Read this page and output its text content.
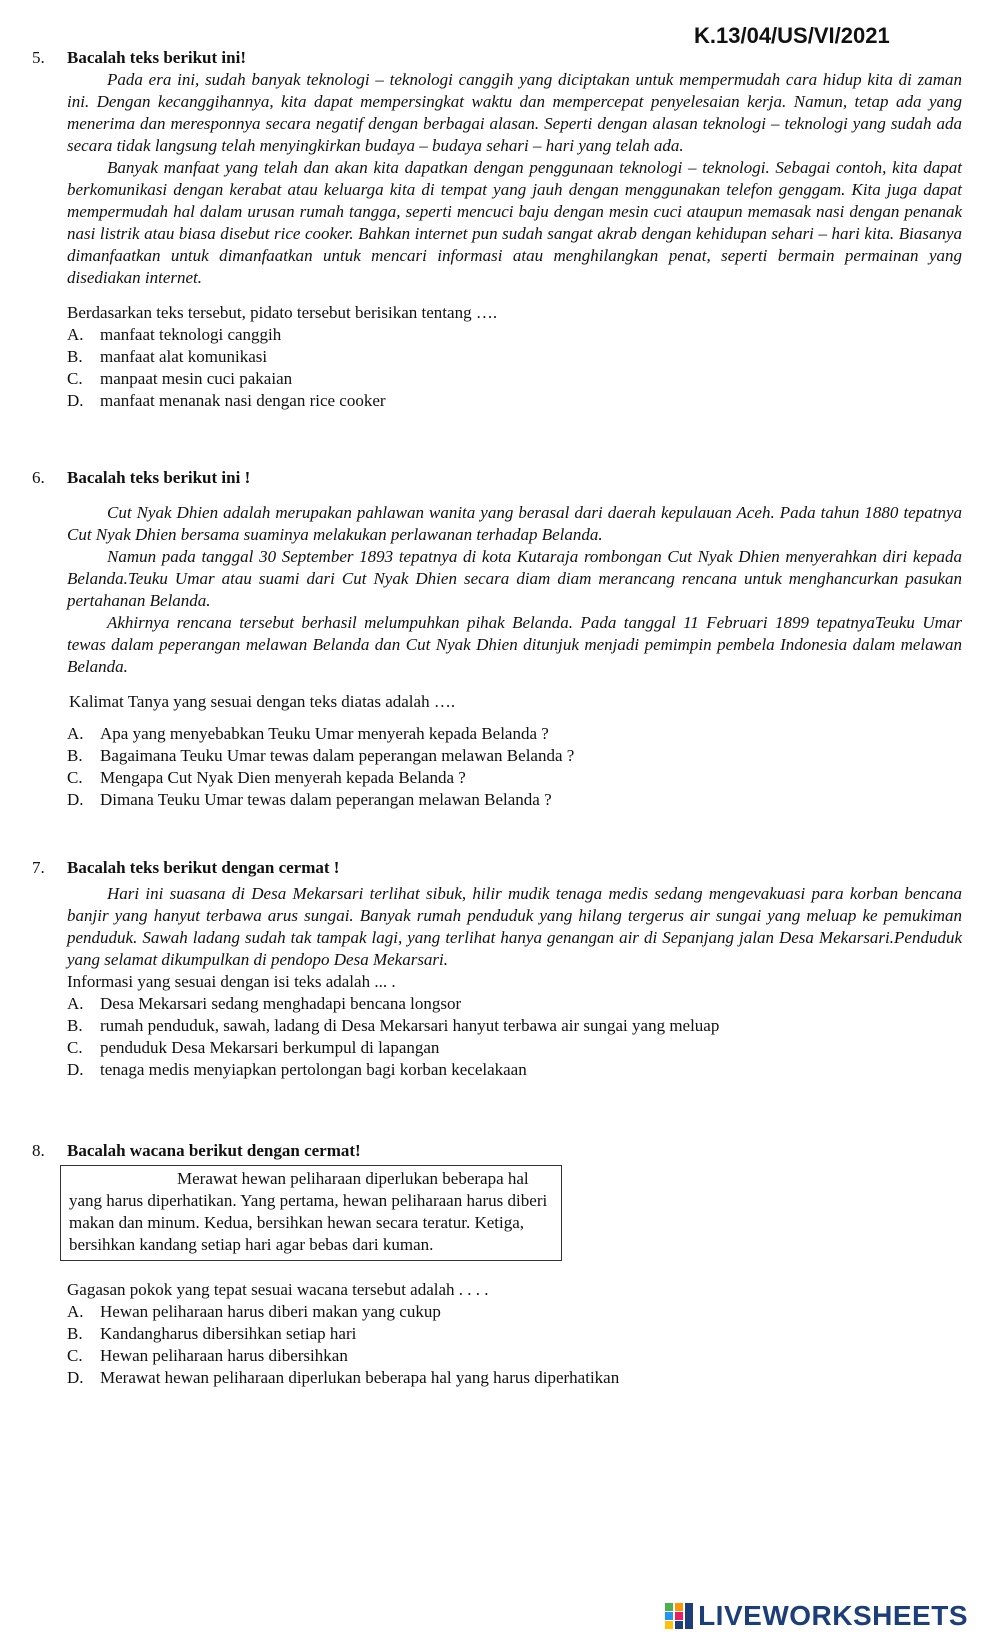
K.13/04/US/VI/2021
5.	Bacalah teks berikut ini!

Pada era ini, sudah banyak teknologi – teknologi canggih yang diciptakan untuk mempermudah cara hidup kita di zaman ini. Dengan kecanggihannya, kita dapat mempersingkat waktu dan mempercepat penyelesaian kerja. Namun, tetap ada yang menerima dan meresponnya secara negatif dengan berbagai alasan. Seperti dengan alasan teknologi – teknologi yang sudah ada secara tidak langsung telah menyingkirkan budaya – budaya sehari – hari yang telah ada.

Banyak manfaat yang telah dan akan kita dapatkan dengan penggunaan teknologi – teknologi. Sebagai contoh, kita dapat berkomunikasi dengan kerabat atau keluarga kita di tempat yang jauh dengan menggunakan telefon genggam. Kita juga dapat mempermudah hal dalam urusan rumah tangga, seperti mencuci baju dengan mesin cuci ataupun memasak nasi dengan penanak nasi listrik atau biasa disebut rice cooker. Bahkan internet pun sudah sangat akrab dengan kehidupan sehari – hari kita. Biasanya dimanfaatkan untuk dimanfaatkan untuk mencari informasi atau menghilangkan penat, seperti bermain permainan yang disediakan internet.

Berdasarkan teks tersebut, pidato tersebut berisikan tentang ….
A. manfaat teknologi canggih
B.	manfaat alat komunikasi
C.	manpaat mesin cuci pakaian
D. manfaat menanak nasi dengan rice cooker
6.	Bacalah teks berikut ini !

Cut Nyak Dhien adalah merupakan pahlawan wanita yang berasal dari daerah kepulauan Aceh. Pada tahun 1880 tepatnya Cut Nyak Dhien bersama suaminya melakukan perlawanan terhadap Belanda.

Namun pada tanggal 30 September 1893 tepatnya di kota Kutaraja rombongan Cut Nyak Dhien menyerahkan diri kepada Belanda.Teuku Umar atau suami dari Cut Nyak Dhien secara diam diam merancang rencana untuk menghancurkan pasukan pertahanan Belanda.

Akhirnya rencana tersebut berhasil melumpuhkan pihak Belanda. Pada tanggal 11 Februari 1899 tepatnyaTeuku Umar tewas dalam peperangan melawan Belanda dan Cut Nyak Dhien ditunjuk menjadi pemimpin pembela Indonesia dalam melawan Belanda.

Kalimat Tanya yang sesuai dengan teks diatas adalah ….
A. Apa yang menyebabkan Teuku Umar menyerah kepada Belanda ?
B.	Bagaimana Teuku Umar tewas dalam peperangan melawan Belanda ?
C.	Mengapa Cut Nyak Dien menyerah kepada Belanda ?
D. Dimana Teuku Umar tewas dalam peperangan melawan Belanda ?
7.	Bacalah teks berikut dengan cermat !

Hari ini suasana di Desa Mekarsari terlihat sibuk, hilir mudik tenaga medis sedang mengevakuasi para korban bencana banjir yang hanyut terbawa arus sungai. Banyak rumah penduduk yang hilang tergerus air sungai yang meluap ke pemukiman penduduk. Sawah ladang sudah tak tampak lagi, yang terlihat hanya genangan air di Sepanjang jalan Desa Mekarsari.Penduduk yang selamat dikumpulkan di pendopo Desa Mekarsari.

Informasi yang sesuai dengan isi teks adalah ... .
A. Desa Mekarsari sedang menghadapi bencana longsor
B.	rumah penduduk, sawah, ladang di Desa Mekarsari hanyut terbawa air sungai yang meluap
C.	penduduk Desa Mekarsari berkumpul di lapangan
D. tenaga medis menyiapkan pertolongan bagi korban kecelakaan
8.	Bacalah wacana berikut dengan cermat!

Merawat hewan peliharaan diperlukan beberapa hal yang harus diperhatikan. Yang pertama, hewan peliharaan harus diberi makan dan minum. Kedua, bersihkan hewan secara teratur. Ketiga, bersihkan kandang setiap hari agar bebas dari kuman.

Gagasan pokok yang tepat sesuai wacana tersebut adalah . . . .
A. Hewan peliharaan harus diberi makan yang cukup
B.	Kandangharus dibersihkan setiap hari
C.	Hewan peliharaan harus dibersihkan
D. Merawat hewan peliharaan diperlukan beberapa hal yang harus diperhatikan
LIVEWORKSHEETS
